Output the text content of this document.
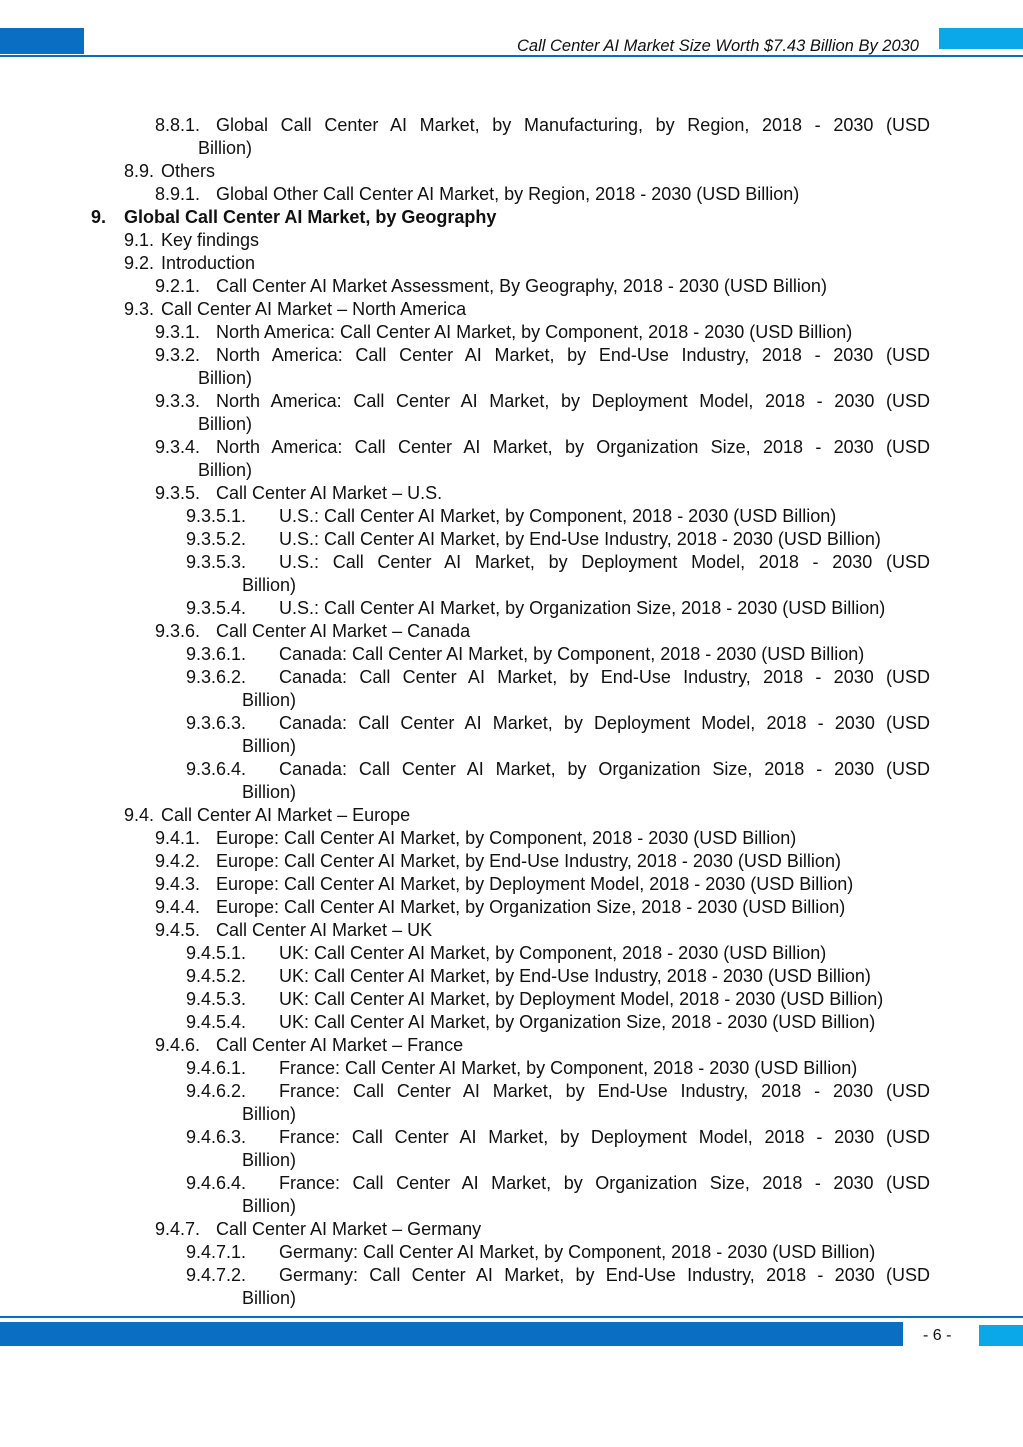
Call Center AI Market Size Worth $7.43 Billion By 2030
8.8.1. Global Call Center AI Market, by Manufacturing, by Region, 2018 - 2030 (USD
Billion)
8.9. Others
8.9.1. Global Other Call Center AI Market, by Region, 2018 - 2030 (USD Billion)
9. Global Call Center AI Market, by Geography
9.1. Key findings
9.2. Introduction
9.2.1. Call Center AI Market Assessment, By Geography, 2018 - 2030 (USD Billion)
9.3. Call Center AI Market – North America
9.3.1. North America: Call Center AI Market, by Component, 2018 - 2030 (USD Billion)
9.3.2. North America: Call Center AI Market, by End-Use Industry, 2018 - 2030 (USD
Billion)
9.3.3. North America: Call Center AI Market, by Deployment Model, 2018 - 2030 (USD
Billion)
9.3.4. North America: Call Center AI Market, by Organization Size, 2018 - 2030 (USD
Billion)
9.3.5. Call Center AI Market – U.S.
9.3.5.1. U.S.: Call Center AI Market, by Component, 2018 - 2030 (USD Billion)
9.3.5.2. U.S.: Call Center AI Market, by End-Use Industry, 2018 - 2030 (USD Billion)
9.3.5.3. U.S.: Call Center AI Market, by Deployment Model, 2018 - 2030 (USD
Billion)
9.3.5.4. U.S.: Call Center AI Market, by Organization Size, 2018 - 2030 (USD Billion)
9.3.6. Call Center AI Market – Canada
9.3.6.1. Canada: Call Center AI Market, by Component, 2018 - 2030 (USD Billion)
9.3.6.2. Canada: Call Center AI Market, by End-Use Industry, 2018 - 2030 (USD
Billion)
9.3.6.3. Canada: Call Center AI Market, by Deployment Model, 2018 - 2030 (USD
Billion)
9.3.6.4. Canada: Call Center AI Market, by Organization Size, 2018 - 2030 (USD
Billion)
9.4. Call Center AI Market – Europe
9.4.1. Europe: Call Center AI Market, by Component, 2018 - 2030 (USD Billion)
9.4.2. Europe: Call Center AI Market, by End-Use Industry, 2018 - 2030 (USD Billion)
9.4.3. Europe: Call Center AI Market, by Deployment Model, 2018 - 2030 (USD Billion)
9.4.4. Europe: Call Center AI Market, by Organization Size, 2018 - 2030 (USD Billion)
9.4.5. Call Center AI Market – UK
9.4.5.1. UK: Call Center AI Market, by Component, 2018 - 2030 (USD Billion)
9.4.5.2. UK: Call Center AI Market, by End-Use Industry, 2018 - 2030 (USD Billion)
9.4.5.3. UK: Call Center AI Market, by Deployment Model, 2018 - 2030 (USD Billion)
9.4.5.4. UK: Call Center AI Market, by Organization Size, 2018 - 2030 (USD Billion)
9.4.6. Call Center AI Market – France
9.4.6.1. France: Call Center AI Market, by Component, 2018 - 2030 (USD Billion)
9.4.6.2. France: Call Center AI Market, by End-Use Industry, 2018 - 2030 (USD
Billion)
9.4.6.3. France: Call Center AI Market, by Deployment Model, 2018 - 2030 (USD
Billion)
9.4.6.4. France: Call Center AI Market, by Organization Size, 2018 - 2030 (USD
Billion)
9.4.7. Call Center AI Market – Germany
9.4.7.1. Germany: Call Center AI Market, by Component, 2018 - 2030 (USD Billion)
9.4.7.2. Germany: Call Center AI Market, by End-Use Industry, 2018 - 2030 (USD
Billion)
- 6 -
